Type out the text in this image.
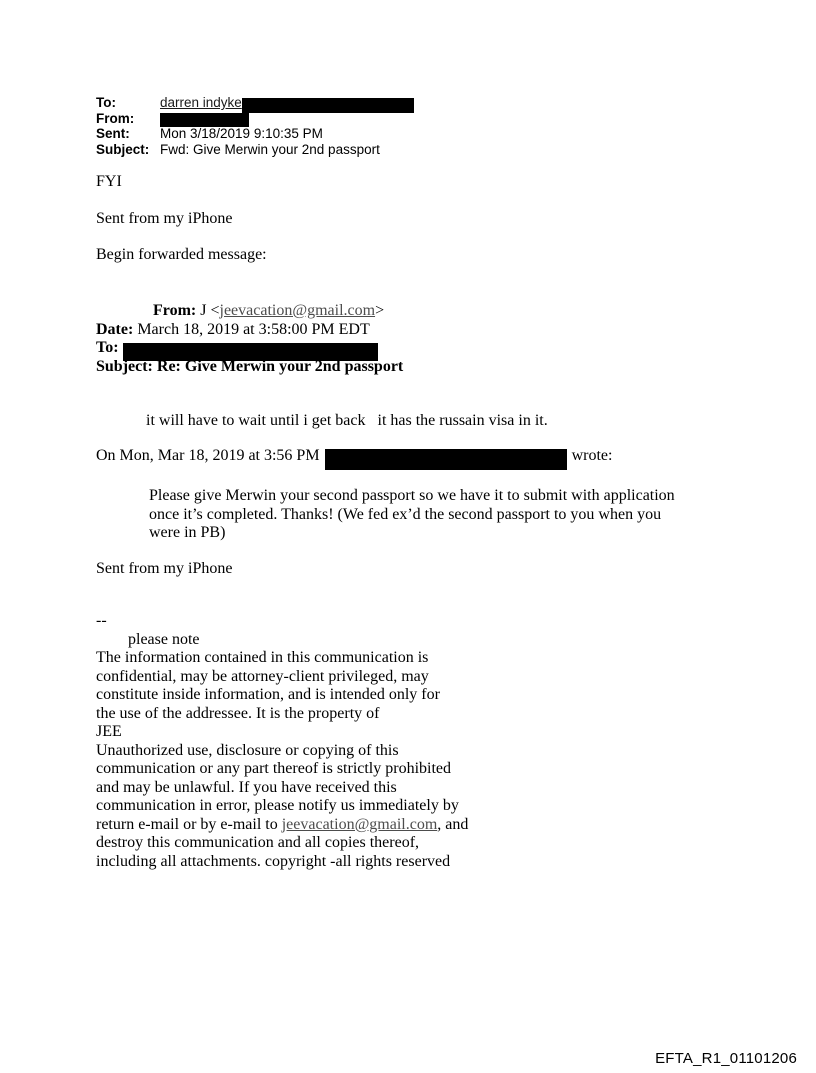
To:	darren indyke
From:
Sent:	Mon 3/18/2019 9:10:35 PM
Subject: Fwd: Give Merwin your 2nd passport
FYI
Sent from my iPhone
Begin forwarded message:
From: J <jeevacation@gmail.com>
Date: March 18, 2019 at 3:58:00 PM EDT
To:
Subject: Re: Give Merwin your 2nd passport
it will have to wait until i get back   it has the russain visa in it.
On Mon, Mar 18, 2019 at 3:56 PM	wrote:
Please give Merwin your second passport so we have it to submit with application
once it’s completed. Thanks! (We fed ex’d the second passport to you when you
were in PB)
Sent from my iPhone
--
please note
The information contained in this communication is
confidential, may be attorney-client privileged, may
constitute inside information, and is intended only for
the use of the addressee. It is the property of
JEE
Unauthorized use, disclosure or copying of this
communication or any part thereof is strictly prohibited
and may be unlawful. If you have received this
communication in error, please notify us immediately by
return e-mail or by e-mail to jeevacation@gmail.com, and
destroy this communication and all copies thereof,
including all attachments. copyright -all rights reserved
EFTA_R1_01101206
